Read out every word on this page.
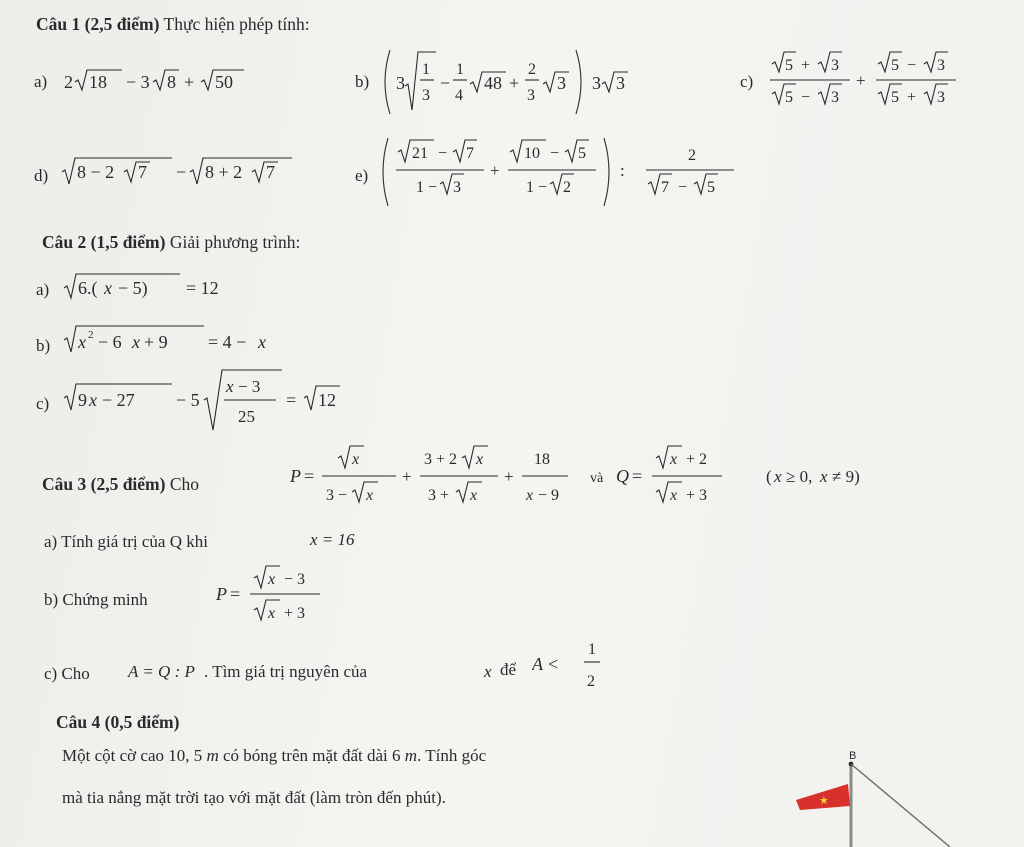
Câu 1 (2,5 điểm) Thực hiện phép tính:
a) 2 18 − 3 8 + 50	b) 3
1
3
−
1
4
48 +
2
3
3 3 3	c)
5 + 3
5 − 3
+
5 − 3
5 + 3
d) 8 − 2 7 − 8 + 2 7	e)
21 − 7
1 − 3
+
10 − 5
1 − 2
:
2
7 − 5
Câu 2 (1,5 điểm) Giải phương trình:
a) 6.( x − 5) = 12
b) x 2 − 6 x + 9 = 4 − x
c) 9 x − 27 − 5
x − 3
25
= 12
Câu 3 (2,5 điểm) Cho	P =
x
3 − x
+
3 + 2 x
3 + x
+
18
x − 9
và Q =
x + 2
x + 3
( x ≥ 0, x ≠ 9)
a) Tính giá trị của Q khi	x = 16
b) Chứng minh	P =
x − 3
x + 3
c) Cho A = Q : P . Tìm giá trị nguyên của	x để A <
1
2
Câu 4 (0,5 điểm)
Một cột cờ cao 10, 5 m có bóng trên mặt đất dài 6 m. Tính góc
mà tia nắng mặt trời tạo với mặt đất (làm tròn đến phút).
B
★
